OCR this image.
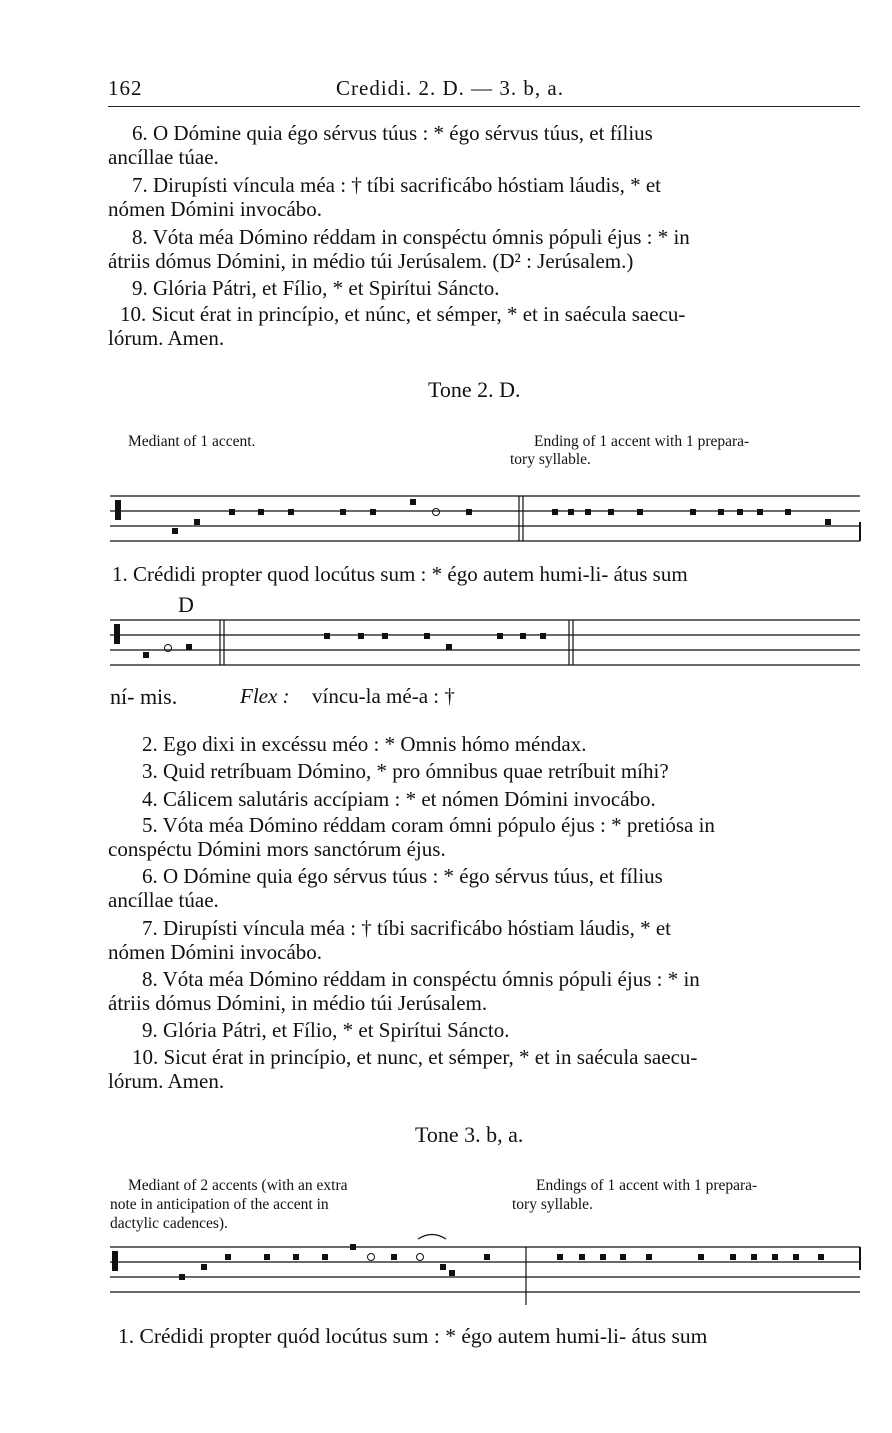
162	Credidi. 2. D. — 3. b, a.
6. O Dómine quia égo sérvus túus : * égo sérvus túus, et fílius
ancíllae túae.
7. Dirupísti víncula méa : † tíbi sacrificábo hóstiam láudis, * et
nómen Dómini invocábo.
8. Vóta méa Dómino réddam in conspéctu ómnis pópuli éjus : * in
átriis dómus Dómini, in médio túi Jerúsalem. (D² : Jerúsalem.)
9. Glória Pátri, et Fílio, * et Spirítui Sáncto.
10. Sicut érat in princípio, et núnc, et sémper, * et in saécula saecu-
lórum. Amen.
Tone 2. D.
Mediant of 1 accent.	Ending of 1 accent with 1 prepara-
tory syllable.
1. Crédidi propter quod locútus sum : * égo autem humi-li- átus sum
D
ní- mis.	Flex : víncu-la mé-a : †
2. Ego dixi in excéssu méo : * Omnis hómo méndax.
3. Quid retríbuam Dómino, * pro ómnibus quae retríbuit míhi?
4. Cálicem salutáris accípiam : * et nómen Dómini invocábo.
5. Vóta méa Dómino réddam coram ómni pópulo éjus : * pretiósa in
conspéctu Dómini mors sanctórum éjus.
6. O Dómine quia égo sérvus túus : * égo sérvus túus, et fílius
ancíllae túae.
7. Dirupísti víncula méa : † tíbi sacrificábo hóstiam láudis, * et
nómen Dómini invocábo.
8. Vóta méa Dómino réddam in conspéctu ómnis pópuli éjus : * in
átriis dómus Dómini, in médio túi Jerúsalem.
9. Glória Pátri, et Fílio, * et Spirítui Sáncto.
10. Sicut érat in princípio, et nunc, et sémper, * et in saécula saecu-
lórum. Amen.
Tone 3. b, a.
Mediant of 2 accents (with an extra
note in anticipation of the accent in
dactylic cadences).
Endings of 1 accent with 1 prepara-
tory syllable.
1. Crédidi propter quód locútus sum : * égo autem humi-li- átus sum
